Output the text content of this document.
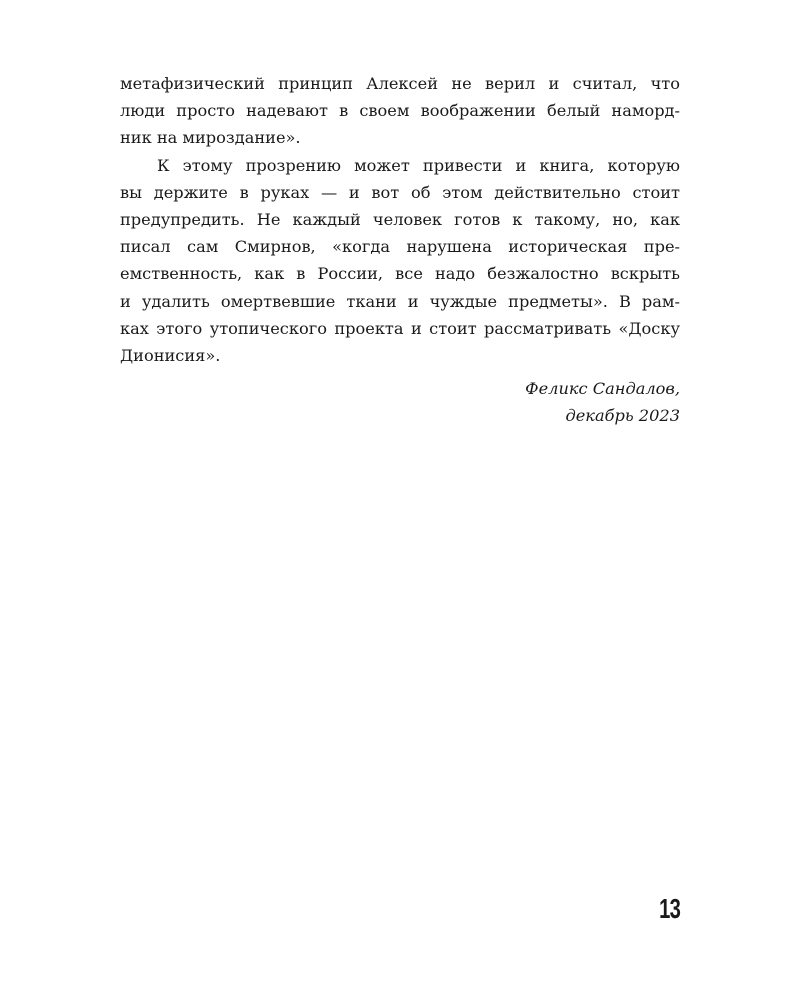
метафизический принцип Алексей не верил и считал, что
люди просто надевают в своем воображении белый наморд-
ник на мироздание».

К этому прозрению может привести и книга, которую
вы держите в руках — и вот об этом действительно стоит
предупредить. Не каждый человек готов к такому, но, как
писал сам Смирнов, «когда нарушена историческая пре-
емственность, как в России, все надо безжалостно вскрыть
и удалить омертвевшие ткани и чуждые предметы». В рам-
ках этого утопического проекта и стоит рассматривать «Доску
Дионисия».

Феликс Сандалов,
декабрь 2023
13
